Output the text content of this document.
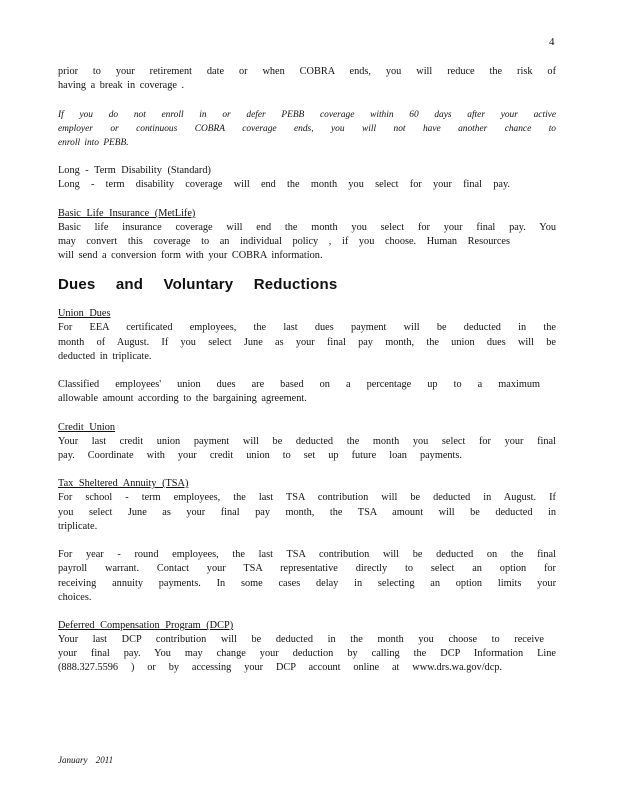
4
prior to your retirement date or when COBRA ends, you will reduce the risk of
having a break in coverage .
If you do not enroll in or defer PEBB coverage within 60 days after your active
employer or continuous COBRA coverage ends, you will not have another chance to
enroll into PEBB.
Long - Term Disability (Standard)
Long - term disability coverage will end the month you select for your final pay.
Basic Life Insurance (MetLife)
Basic life insurance coverage will end the month you select for your final pay. You
may convert this coverage to an individual policy , if you choose. Human Resources
will send a conversion form with your COBRA information.
Dues and Voluntary Reductions
Union Dues
For EEA certificated employees, the last dues payment will be deducted in the
month of August. If you select June as your final pay month, the union dues will be
deducted in triplicate.
Classified employees' union dues are based on a percentage up to a maximum
allowable amount according to the bargaining agreement.
Credit Union
Your last credit union payment will be deducted the month you select for your final
pay. Coordinate with your credit union to set up future loan payments.
Tax Sheltered Annuity (TSA)
For school - term employees, the last TSA contribution will be deducted in August. If
you select June as your final pay month, the TSA amount will be deducted in
triplicate.
For year - round employees, the last TSA contribution will be deducted on the final
payroll warrant. Contact your TSA representative directly to select an option for
receiving annuity payments. In some cases delay in selecting an option limits your
choices.
Deferred Compensation Program (DCP)
Your last DCP contribution will be deducted in the month you choose to receive
your final pay. You may change your deduction by calling the DCP Information Line
(888.327.5596 ) or by accessing your DCP account online at www.drs.wa.gov/dcp.
January 2011
